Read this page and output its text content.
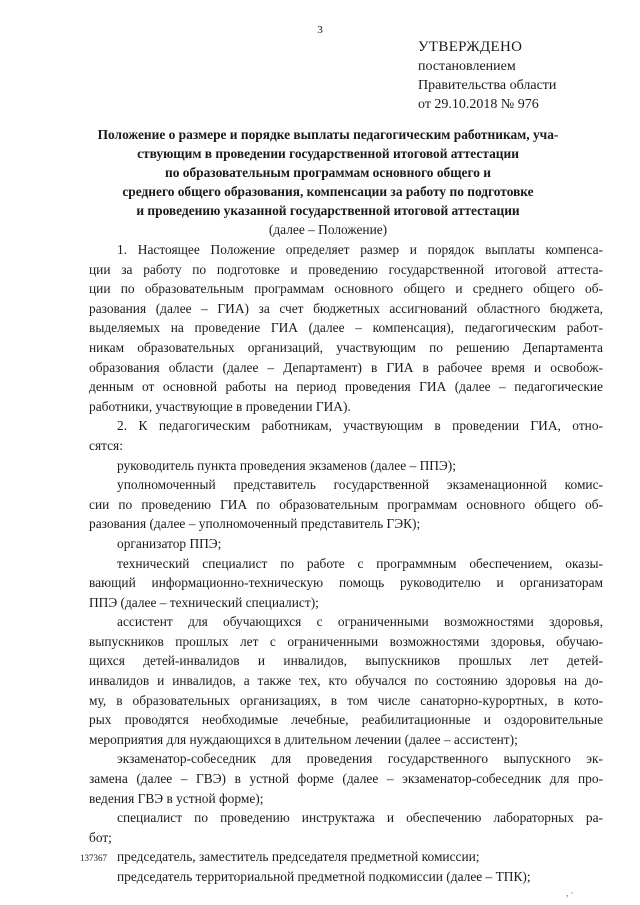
3
УТВЕРЖДЕНО
постановлением
Правительства области
от 29.10.2018 № 976
Положение о размере и порядке выплаты педагогическим работникам, уча-
ствующим в проведении государственной итоговой аттестации
по образовательным программам основного общего и
среднего общего образования, компенсации за работу по подготовке
и проведению указанной государственной итоговой аттестации
(далее – Положение)
1. Настоящее Положение определяет размер и порядок выплаты компенса-
ции за работу по подготовке и проведению государственной итоговой аттеста-
ции по образовательным программам основного общего и среднего общего об-
разования (далее – ГИА) за счет бюджетных ассигнований областного бюджета,
выделяемых на проведение ГИА (далее – компенсация), педагогическим работ-
никам образовательных организаций, участвующим по решению Департамента
образования области (далее – Департамент) в ГИА в рабочее время и освобож-
денным от основной работы на период проведения ГИА (далее – педагогические
работники, участвующие в проведении ГИА).
2. К педагогическим работникам, участвующим в проведении ГИА, отно-
сятся:
руководитель пункта проведения экзаменов (далее – ППЭ);
уполномоченный представитель государственной экзаменационной комис-
сии по проведению ГИА по образовательным программам основного общего об-
разования (далее – уполномоченный представитель ГЭК);
организатор ППЭ;
технический специалист по работе с программным обеспечением, оказы-
вающий информационно-техническую помощь руководителю и организаторам
ППЭ (далее – технический специалист);
ассистент для обучающихся с ограниченными возможностями здоровья,
выпускников прошлых лет с ограниченными возможностями здоровья, обучаю-
щихся детей-инвалидов и инвалидов, выпускников прошлых лет детей-
инвалидов и инвалидов, а также тех, кто обучался по состоянию здоровья на до-
му, в образовательных организациях, в том числе санаторно-курортных, в кото-
рых проводятся необходимые лечебные, реабилитационные и оздоровительные
мероприятия для нуждающихся в длительном лечении (далее – ассистент);
экзаменатор-собеседник для проведения государственного выпускного эк-
замена (далее – ГВЭ) в устной форме (далее – экзаменатор-собеседник для про-
ведения ГВЭ в устной форме);
специалист по проведению инструктажа и обеспечению лабораторных ра-
бот;
председатель, заместитель председателя предметной комиссии;
председатель территориальной предметной подкомиссии (далее – ТПК);
137367
, ·
